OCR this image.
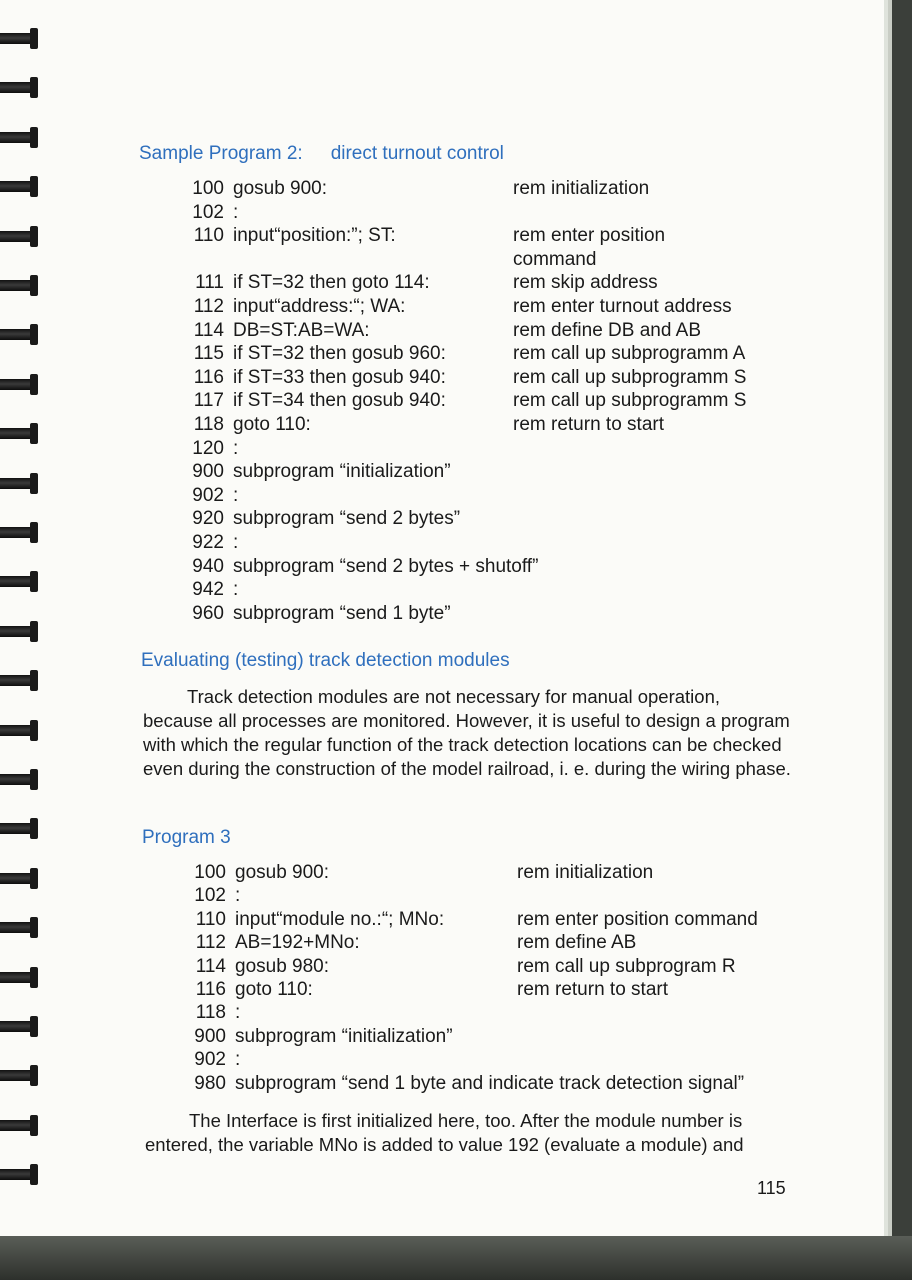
Sample Program 2: direct turnout control
100 gosub 900:	rem initialization
102 :
110 input“position:”; ST:	rem enter position
command
111 if ST=32 then goto 114:	rem skip address
112 input“address:“; WA:	rem enter turnout address
114 DB=ST:AB=WA:	rem define DB and AB
115 if ST=32 then gosub 960:	rem call up subprogramm A
116 if ST=33 then gosub 940:	rem call up subprogramm S
117 if ST=34 then gosub 940:	rem call up subprogramm S
118 goto 110:	rem return to start
120 :
900 subprogram “initialization”
902 :
920 subprogram “send 2 bytes”
922 :
940 subprogram “send 2 bytes + shutoff”
942 :
960 subprogram “send 1 byte”
Evaluating (testing) track detection modules

Track detection modules are not necessary for manual operation, because all processes are monitored. However, it is useful to design a program with which the regular function of the track detection locations can be checked even during the construction of the model railroad, i. e. during the wiring phase.

Program 3
100 gosub 900:	rem initialization
102 :
110 input“module no.:“; MNo:	rem enter position command
112 AB=192+MNo:	rem define AB
114 gosub 980:	rem call up subprogram R
116 goto 110:	rem return to start
118 :
900 subprogram “initialization”
902 :
980 subprogram “send 1 byte and indicate track detection signal”

The Interface is first initialized here, too. After the module number is entered, the variable MNo is added to value 192 (evaluate a module) and

115
